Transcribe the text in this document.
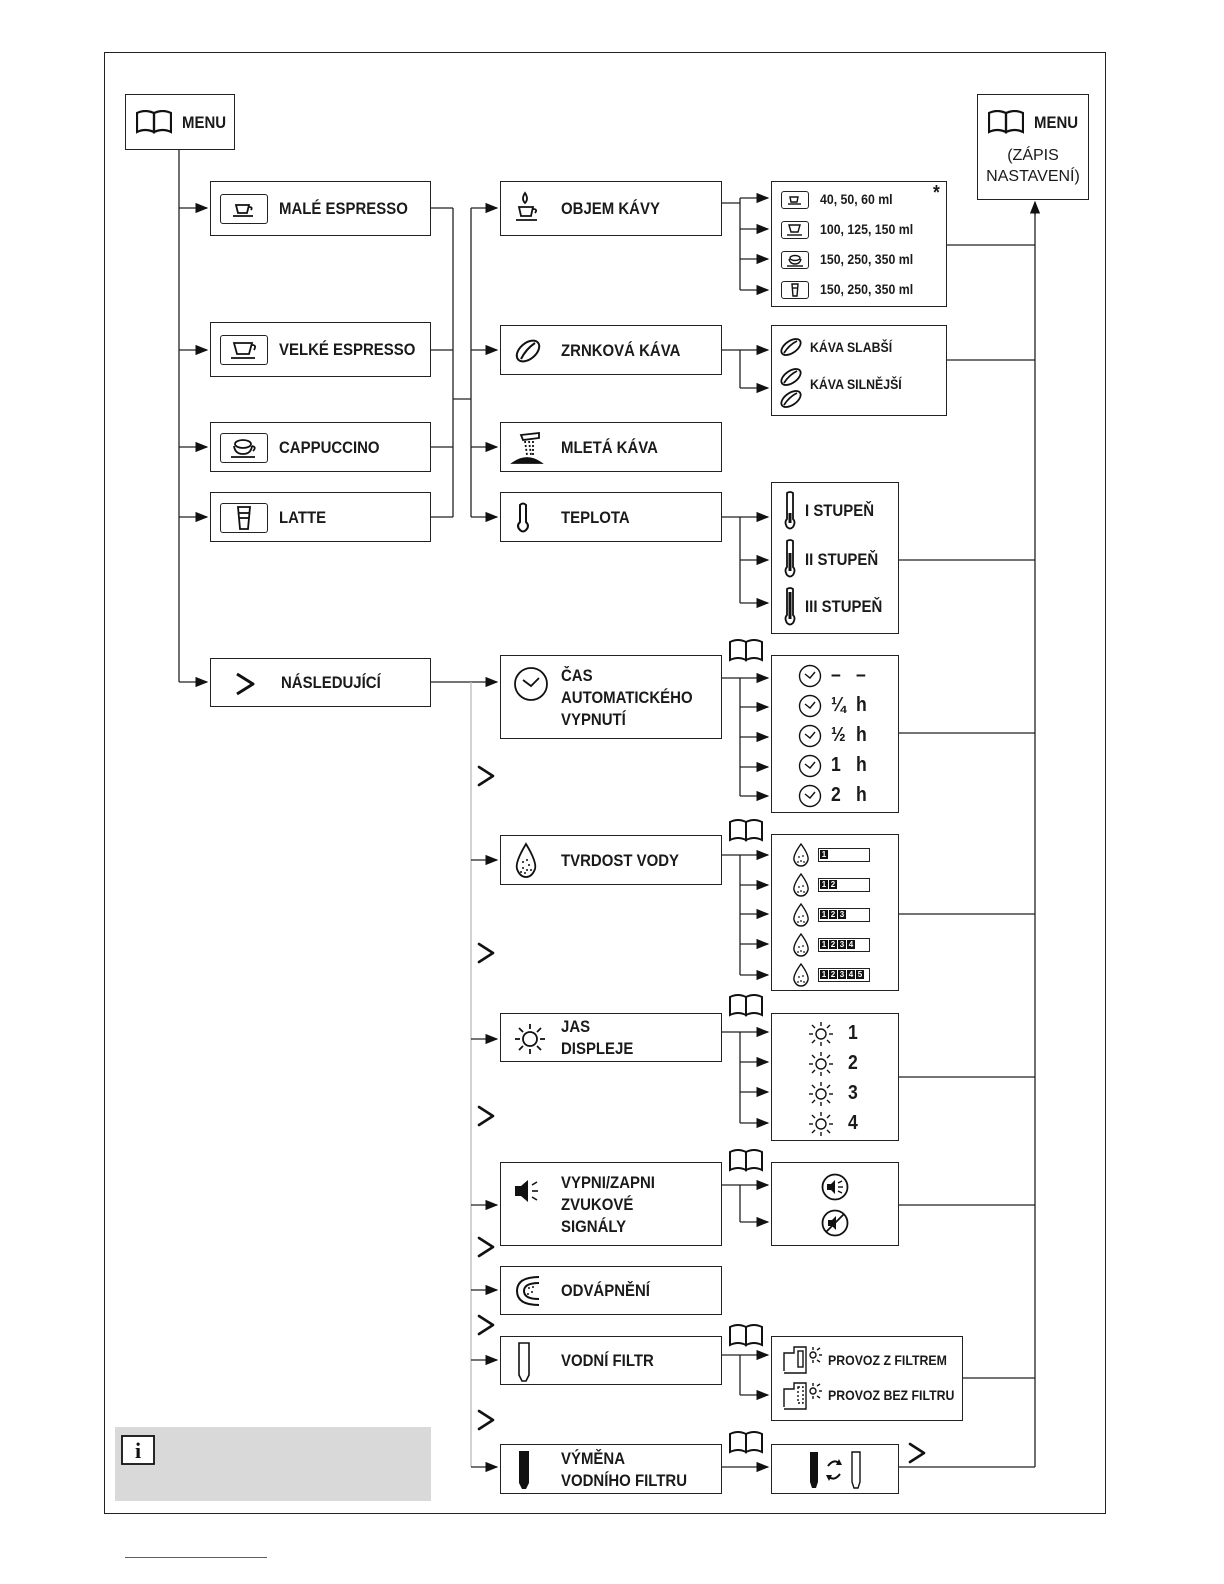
MENU	MENU
(ZÁPIS NASTAVENÍ)
MALÉ ESPRESSO
VELKÉ ESPRESSO
CAPPUCCINO
LATTE
NÁSLEDUJÍCÍ
OBJEM KÁVY
ZRNKOVÁ KÁVA
MLETÁ KÁVA
TEPLOTA
*
40, 50, 60 ml
100, 125, 150 ml
150, 250, 350 ml
150, 250, 350 ml
KÁVA SLABŠÍ
KÁVA SILNĚJŠÍ
I STUPEŇ
II STUPEŇ
III STUPEŇ
ČAS
AUTOMATICKÉHO
VYPNUTÍ
TVRDOST VODY
JAS
DISPLEJE
VYPNI/ZAPNI
ZVUKOVÉ
SIGNÁLY
ODVÁPNĚNÍ
VODNÍ FILTR
VÝMĚNA
VODNÍHO FILTRU
– –
¼ h
½ h
1 h
2 h
1
1 2
1 2 3
1 2 3 4
1 2 3 4 5
1
2
3
4
PROVOZ Z FILTREM
PROVOZ BEZ FILTRU
i
